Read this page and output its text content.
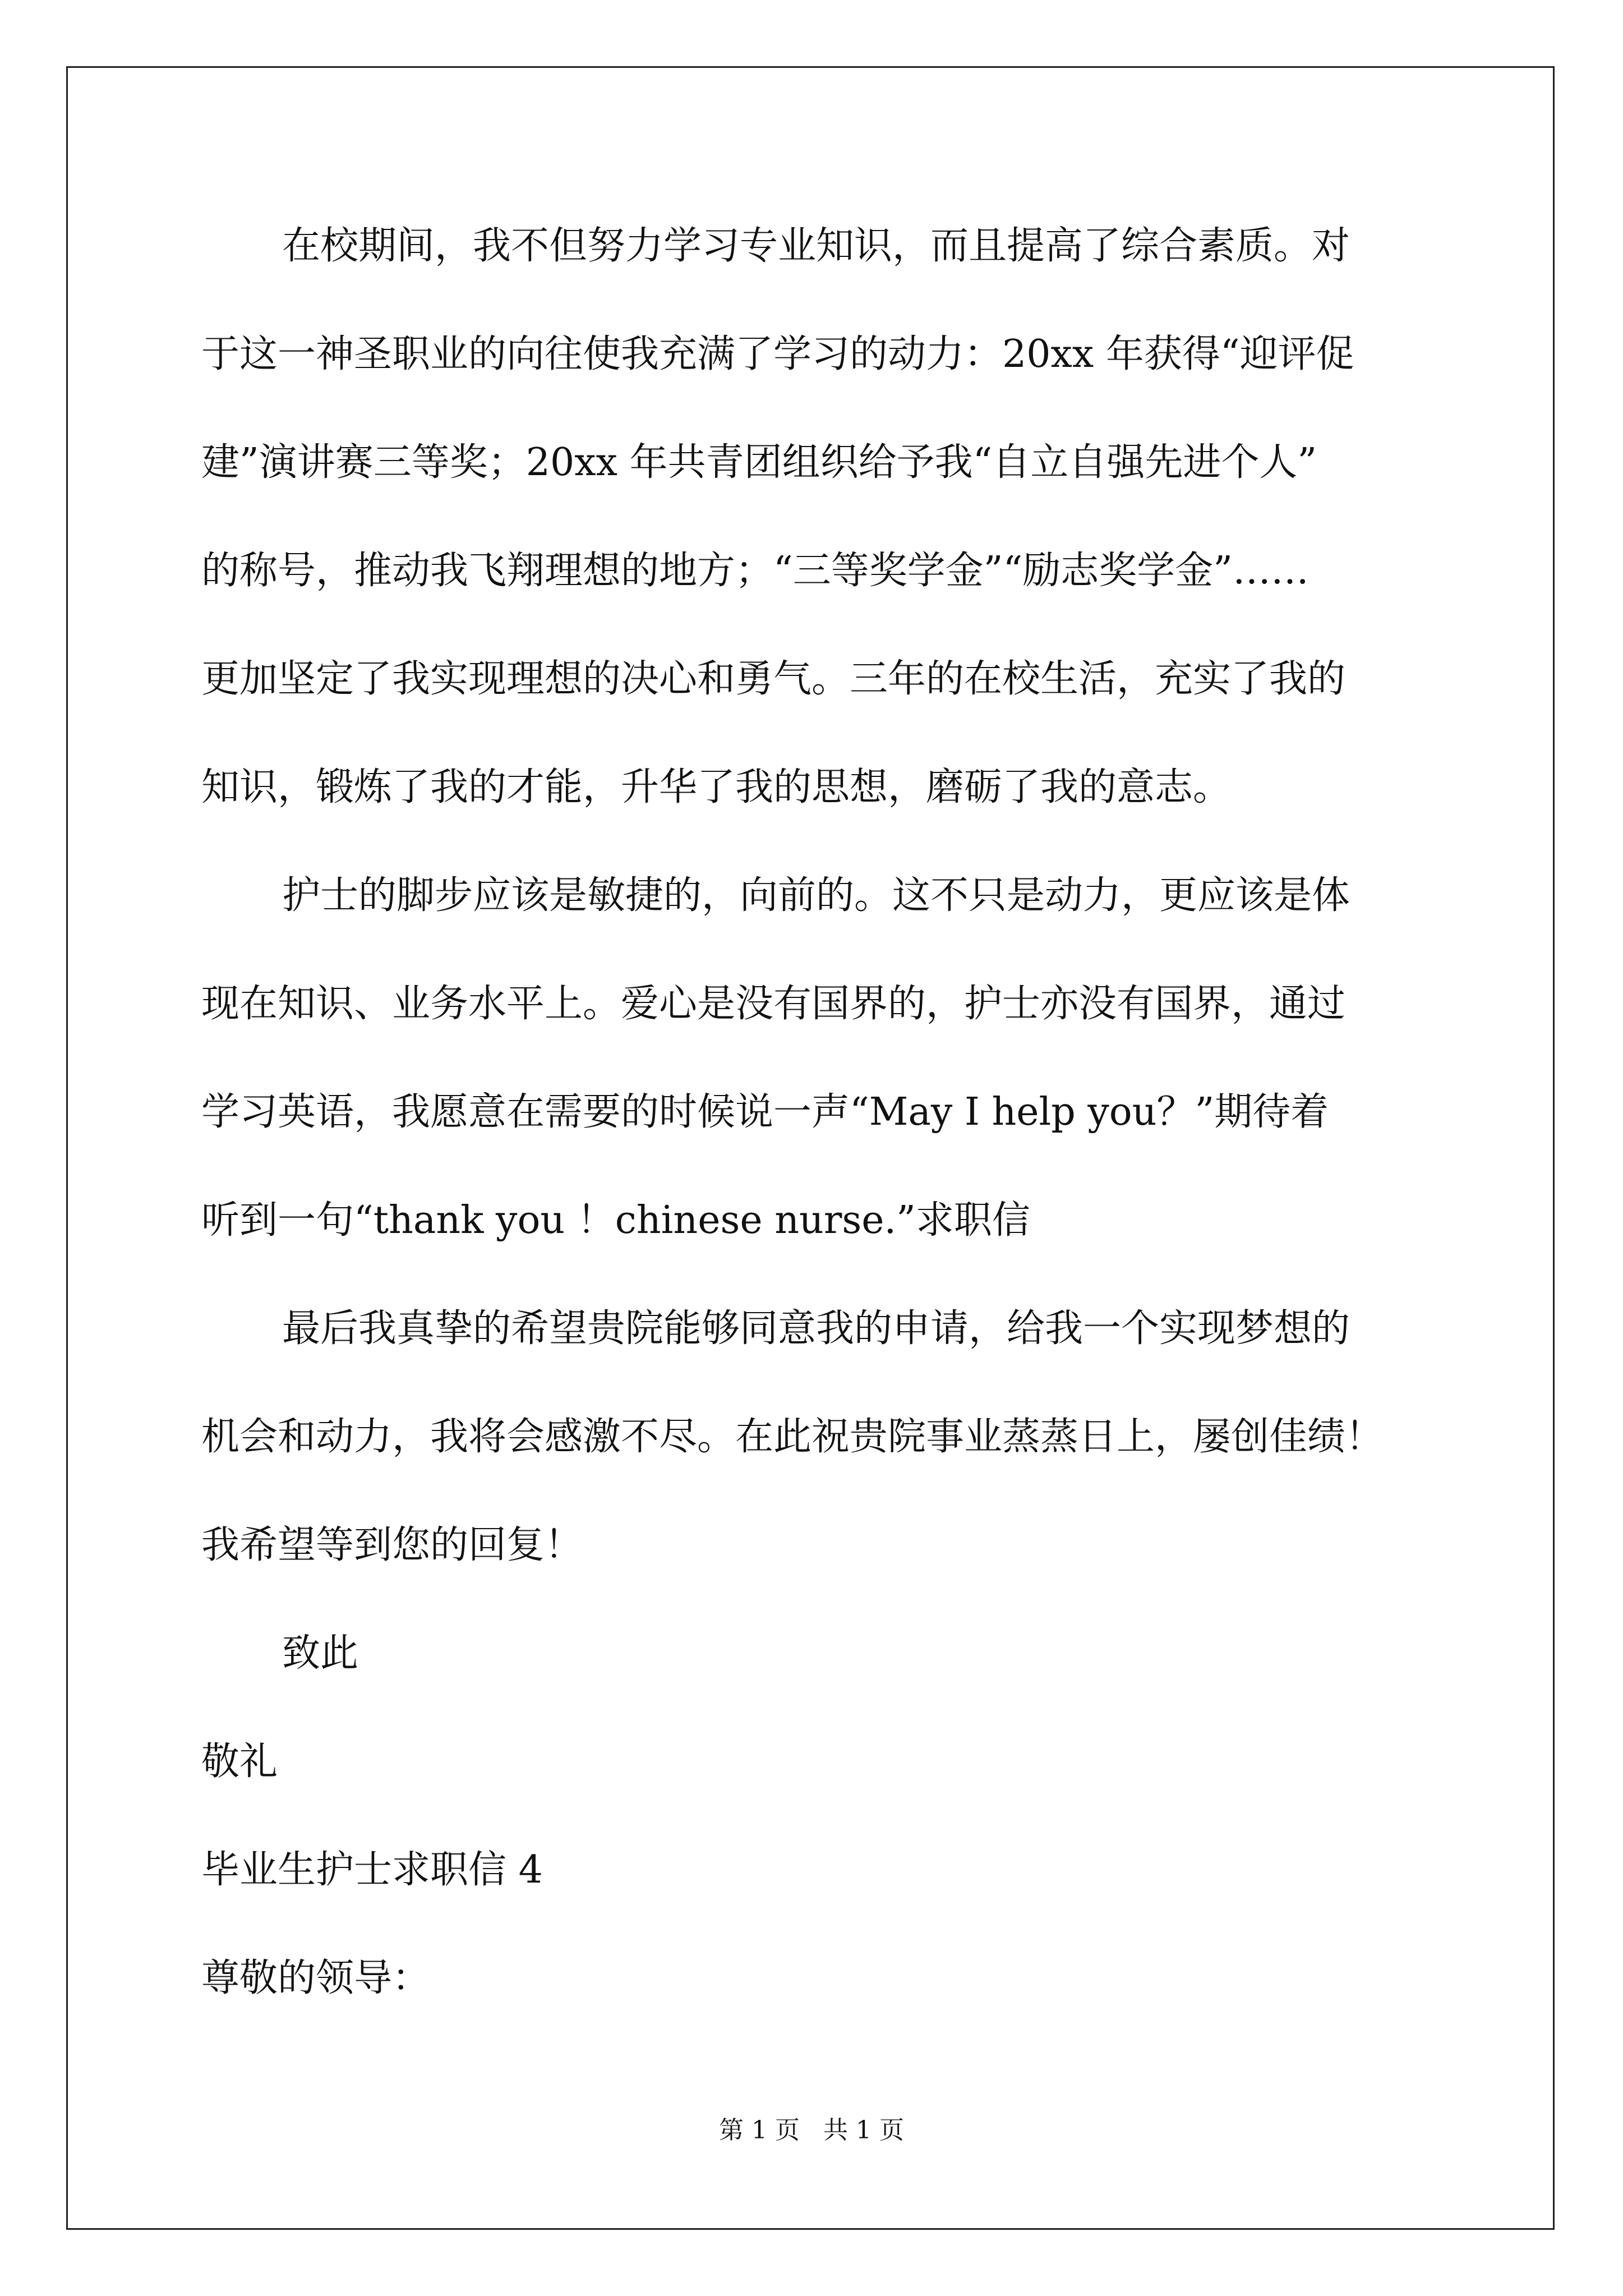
在校期间，我不但努力学习专业知识，而且提高了综合素质。对
于这一神圣职业的向往使我充满了学习的动力：20xx 年获得“迎评促
建”演讲赛三等奖；20xx 年共青团组织给予我“自立自强先进个人”
的称号，推动我飞翔理想的地方；“三等奖学金”“励志奖学金”……
更加坚定了我实现理想的决心和勇气。三年的在校生活，充实了我的
知识，锻炼了我的才能，升华了我的思想，磨砺了我的意志。
护士的脚步应该是敏捷的，向前的。这不只是动力，更应该是体
现在知识、业务水平上。爱心是没有国界的，护士亦没有国界，通过
学习英语，我愿意在需要的时候说一声“May I help you？”期待着
听到一句“thank you ！chinese nurse.”求职信
最后我真挚的希望贵院能够同意我的申请，给我一个实现梦想的
机会和动力，我将会感激不尽。在此祝贵院事业蒸蒸日上，屡创佳绩！
我希望等到您的回复！
致此
敬礼
毕业生护士求职信 4
尊敬的领导：
第 1 页   共 1 页
